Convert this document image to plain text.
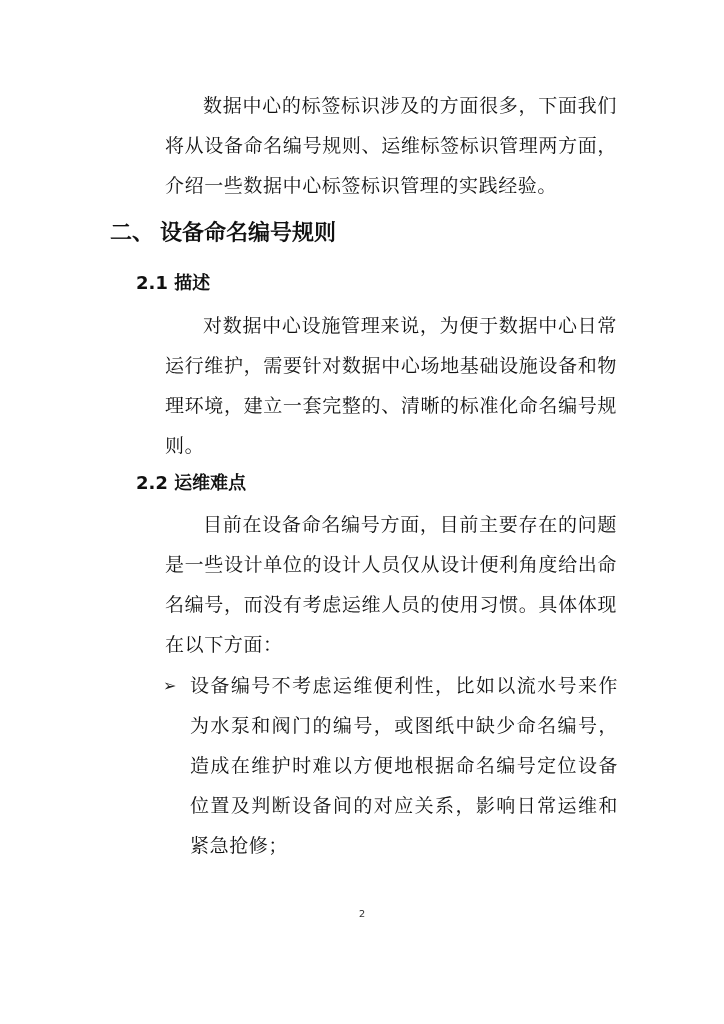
数据中心的标签标识涉及的方面很多，下面我们将从设备命名编号规则、运维标签标识管理两方面，介绍一些数据中心标签标识管理的实践经验。

二、 设备命名编号规则
2.1 描述

对数据中心设施管理来说，为便于数据中心日常运行维护，需要针对数据中心场地基础设施设备和物理环境，建立一套完整的、清晰的标准化命名编号规则。

2.2 运维难点

目前在设备命名编号方面，目前主要存在的问题是一些设计单位的设计人员仅从设计便利角度给出命名编号，而没有考虑运维人员的使用习惯。具体体现在以下方面：

➢ 设备编号不考虑运维便利性，比如以流水号来作为水泵和阀门的编号，或图纸中缺少命名编号，造成在维护时难以方便地根据命名编号定位设备位置及判断设备间的对应关系，影响日常运维和紧急抢修；

2
